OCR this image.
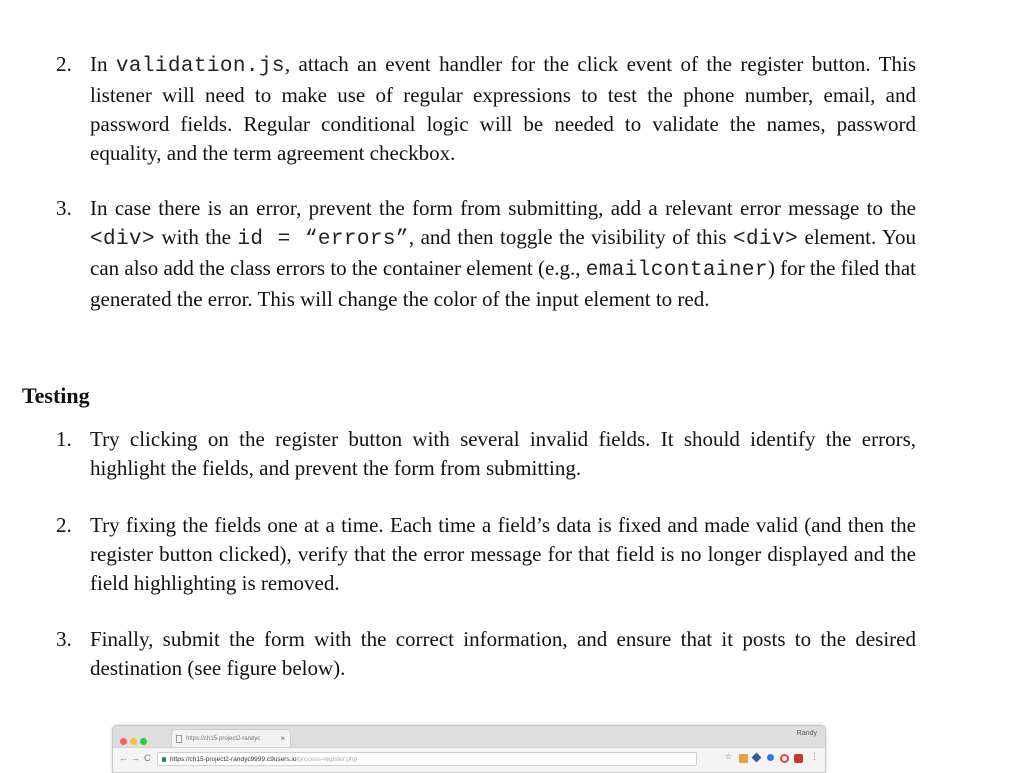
2. In validation.js, attach an event handler for the click event of the register button. This listener will need to make use of regular expressions to test the phone number, email, and password fields. Regular conditional logic will be needed to validate the names, password equality, and the term agreement checkbox.
3. In case there is an error, prevent the form from submitting, add a relevant error message to the <div> with the id = “errors”, and then toggle the visibility of this <div> element. You can also add the class errors to the container element (e.g., emailcontainer) for the filed that generated the error. This will change the color of the input element to red.
Testing
1. Try clicking on the register button with several invalid fields. It should identify the errors, highlight the fields, and prevent the form from submitting.
2. Try fixing the fields one at a time. Each time a field’s data is fixed and made valid (and then the register button clicked), verify that the error message for that field is no longer displayed and the field highlighting is removed.
3. Finally, submit the form with the correct information, and ensure that it posts to the desired destination (see figure below).
https://ch15-project2-randyc ×
Randy
← → C	https://ch15-project2-randyc9999.c9users.io/process-register.php	☆	⋮
